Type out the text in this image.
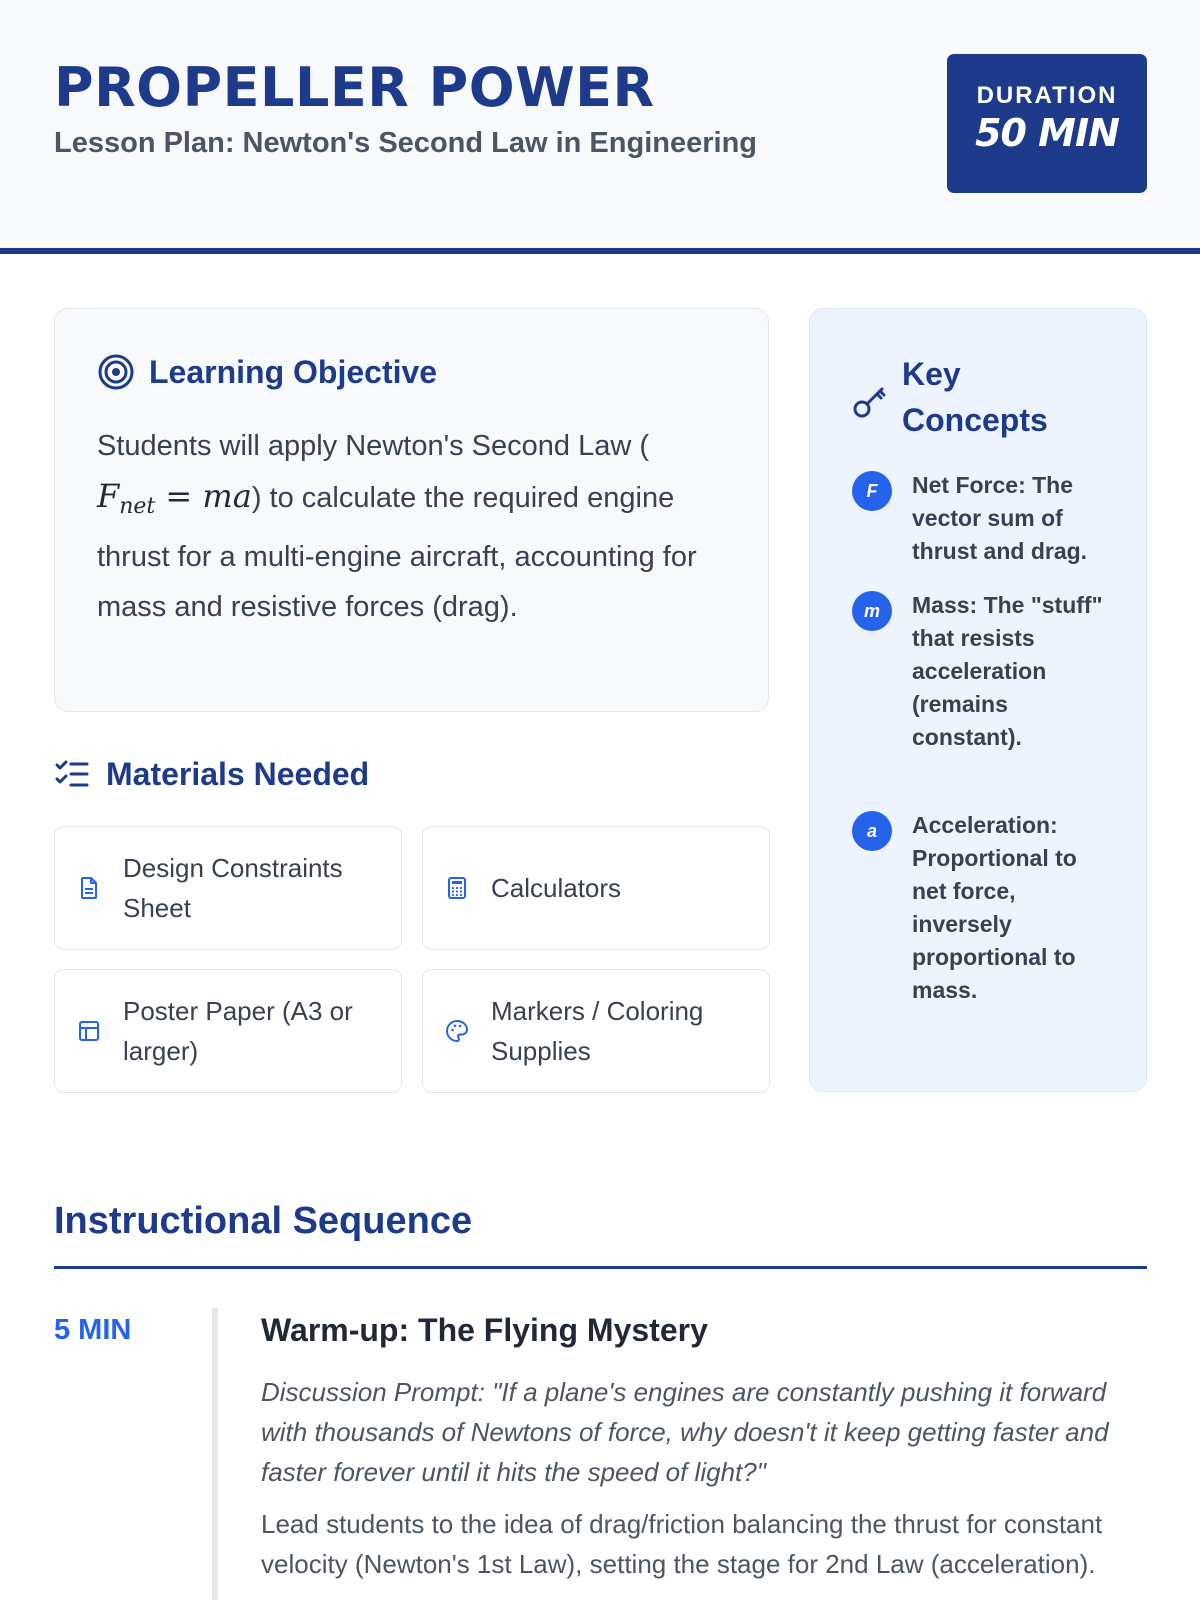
PROPELLER POWER
Lesson Plan: Newton's Second Law in Engineering
DURATION
50 MIN
Learning Objective
Students will apply Newton's Second Law (
$F_{net} = ma$) to calculate the required engine thrust for a multi-engine aircraft, accounting for mass and resistive forces (drag).
Materials Needed
Design Constraints Sheet
Calculators
Poster Paper (A3 or larger)
Markers / Coloring Supplies
Key Concepts
F	Net Force: The vector sum of thrust and drag.
m	Mass: The "stuff" that resists acceleration (remains constant).
a	Acceleration: Proportional to net force, inversely proportional to mass.
Instructional Sequence
5 MIN	Warm-up: The Flying Mystery
Discussion Prompt: "If a plane's engines are constantly pushing it forward with thousands of Newtons of force, why doesn't it keep getting faster and faster forever until it hits the speed of light?"
Lead students to the idea of drag/friction balancing the thrust for constant velocity (Newton's 1st Law), setting the stage for 2nd Law (acceleration).
